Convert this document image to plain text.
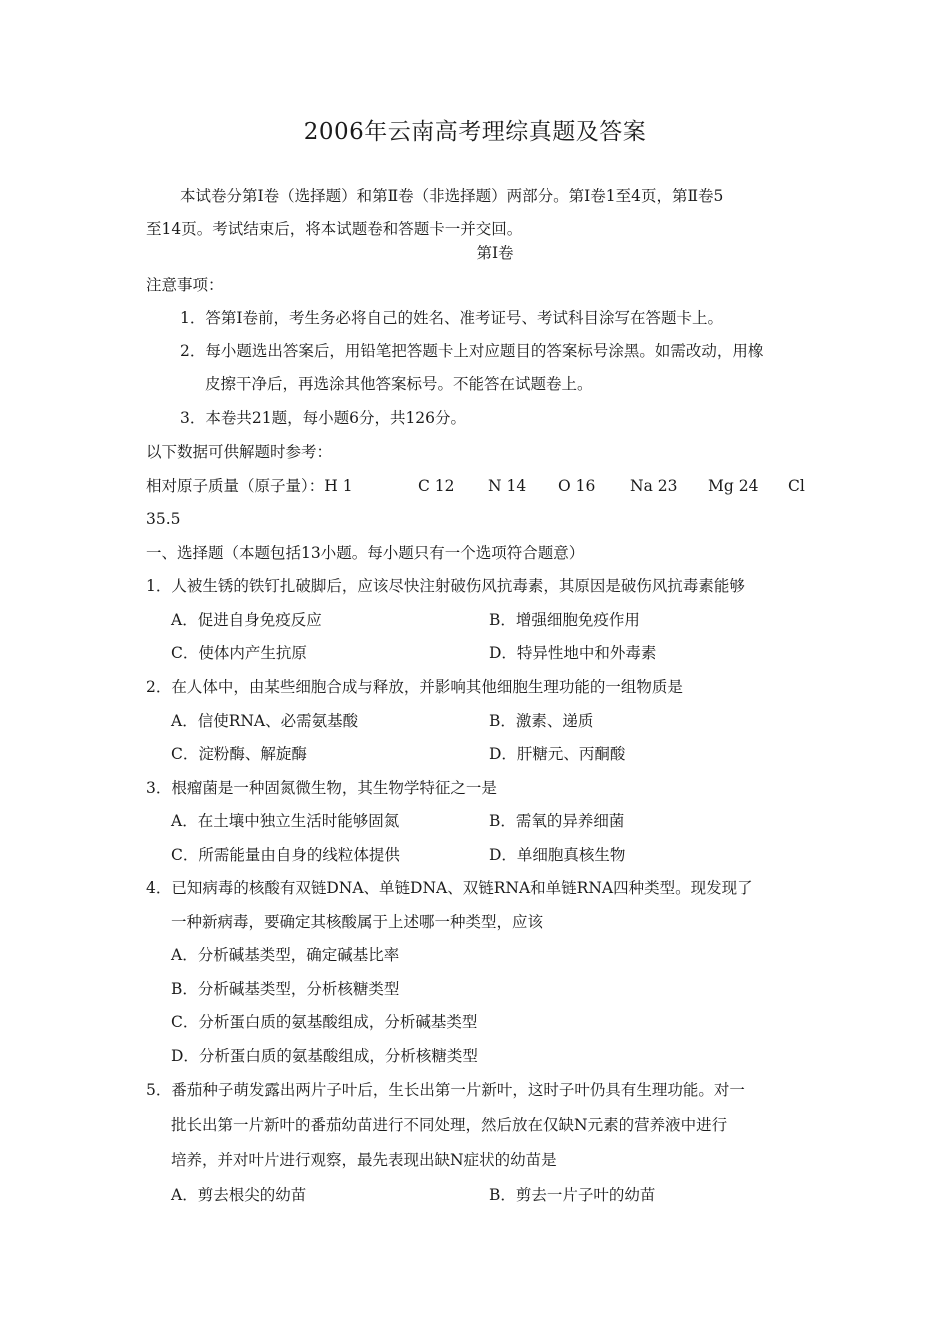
2006年云南高考理综真题及答案
本试卷分第Ⅰ卷（选择题）和第Ⅱ卷（非选择题）两部分。第Ⅰ卷1至4页，第Ⅱ卷5
至14页。考试结束后，将本试题卷和答题卡一并交回。
第Ⅰ卷
注意事项：
1．答第Ⅰ卷前，考生务必将自己的姓名、准考证号、考试科目涂写在答题卡上。
2．每小题选出答案后，用铅笔把答题卡上对应题目的答案标号涂黑。如需改动，用橡
皮擦干净后，再选涂其他答案标号。不能答在试题卷上。
3．本卷共21题，每小题6分，共126分。
以下数据可供解题时参考：
相对原子质量（原子量）：H 1	C 12 N 14 O 16 Na 23 Mg 24 Cl
35.5
一、选择题（本题包括13小题。每小题只有一个选项符合题意）
1．人被生锈的铁钉扎破脚后，应该尽快注射破伤风抗毒素，其原因是破伤风抗毒素能够
A．促进自身免疫反应	B．增强细胞免疫作用
C．使体内产生抗原	D．特异性地中和外毒素
2．在人体中，由某些细胞合成与释放，并影响其他细胞生理功能的一组物质是
A．信使RNA、必需氨基酸	B．激素、递质
C．淀粉酶、解旋酶	D．肝糖元、丙酮酸
3．根瘤菌是一种固氮微生物，其生物学特征之一是
A．在土壤中独立生活时能够固氮	B．需氧的异养细菌
C．所需能量由自身的线粒体提供	D．单细胞真核生物
4．已知病毒的核酸有双链DNA、单链DNA、双链RNA和单链RNA四种类型。现发现了
一种新病毒，要确定其核酸属于上述哪一种类型，应该
A．分析碱基类型，确定碱基比率
B．分析碱基类型，分析核糖类型
C．分析蛋白质的氨基酸组成，分析碱基类型
D．分析蛋白质的氨基酸组成，分析核糖类型
5．番茄种子萌发露出两片子叶后，生长出第一片新叶，这时子叶仍具有生理功能。对一
批长出第一片新叶的番茄幼苗进行不同处理，然后放在仅缺N元素的营养液中进行
培养，并对叶片进行观察，最先表现出缺N症状的幼苗是
A．剪去根尖的幼苗	B．剪去一片子叶的幼苗
